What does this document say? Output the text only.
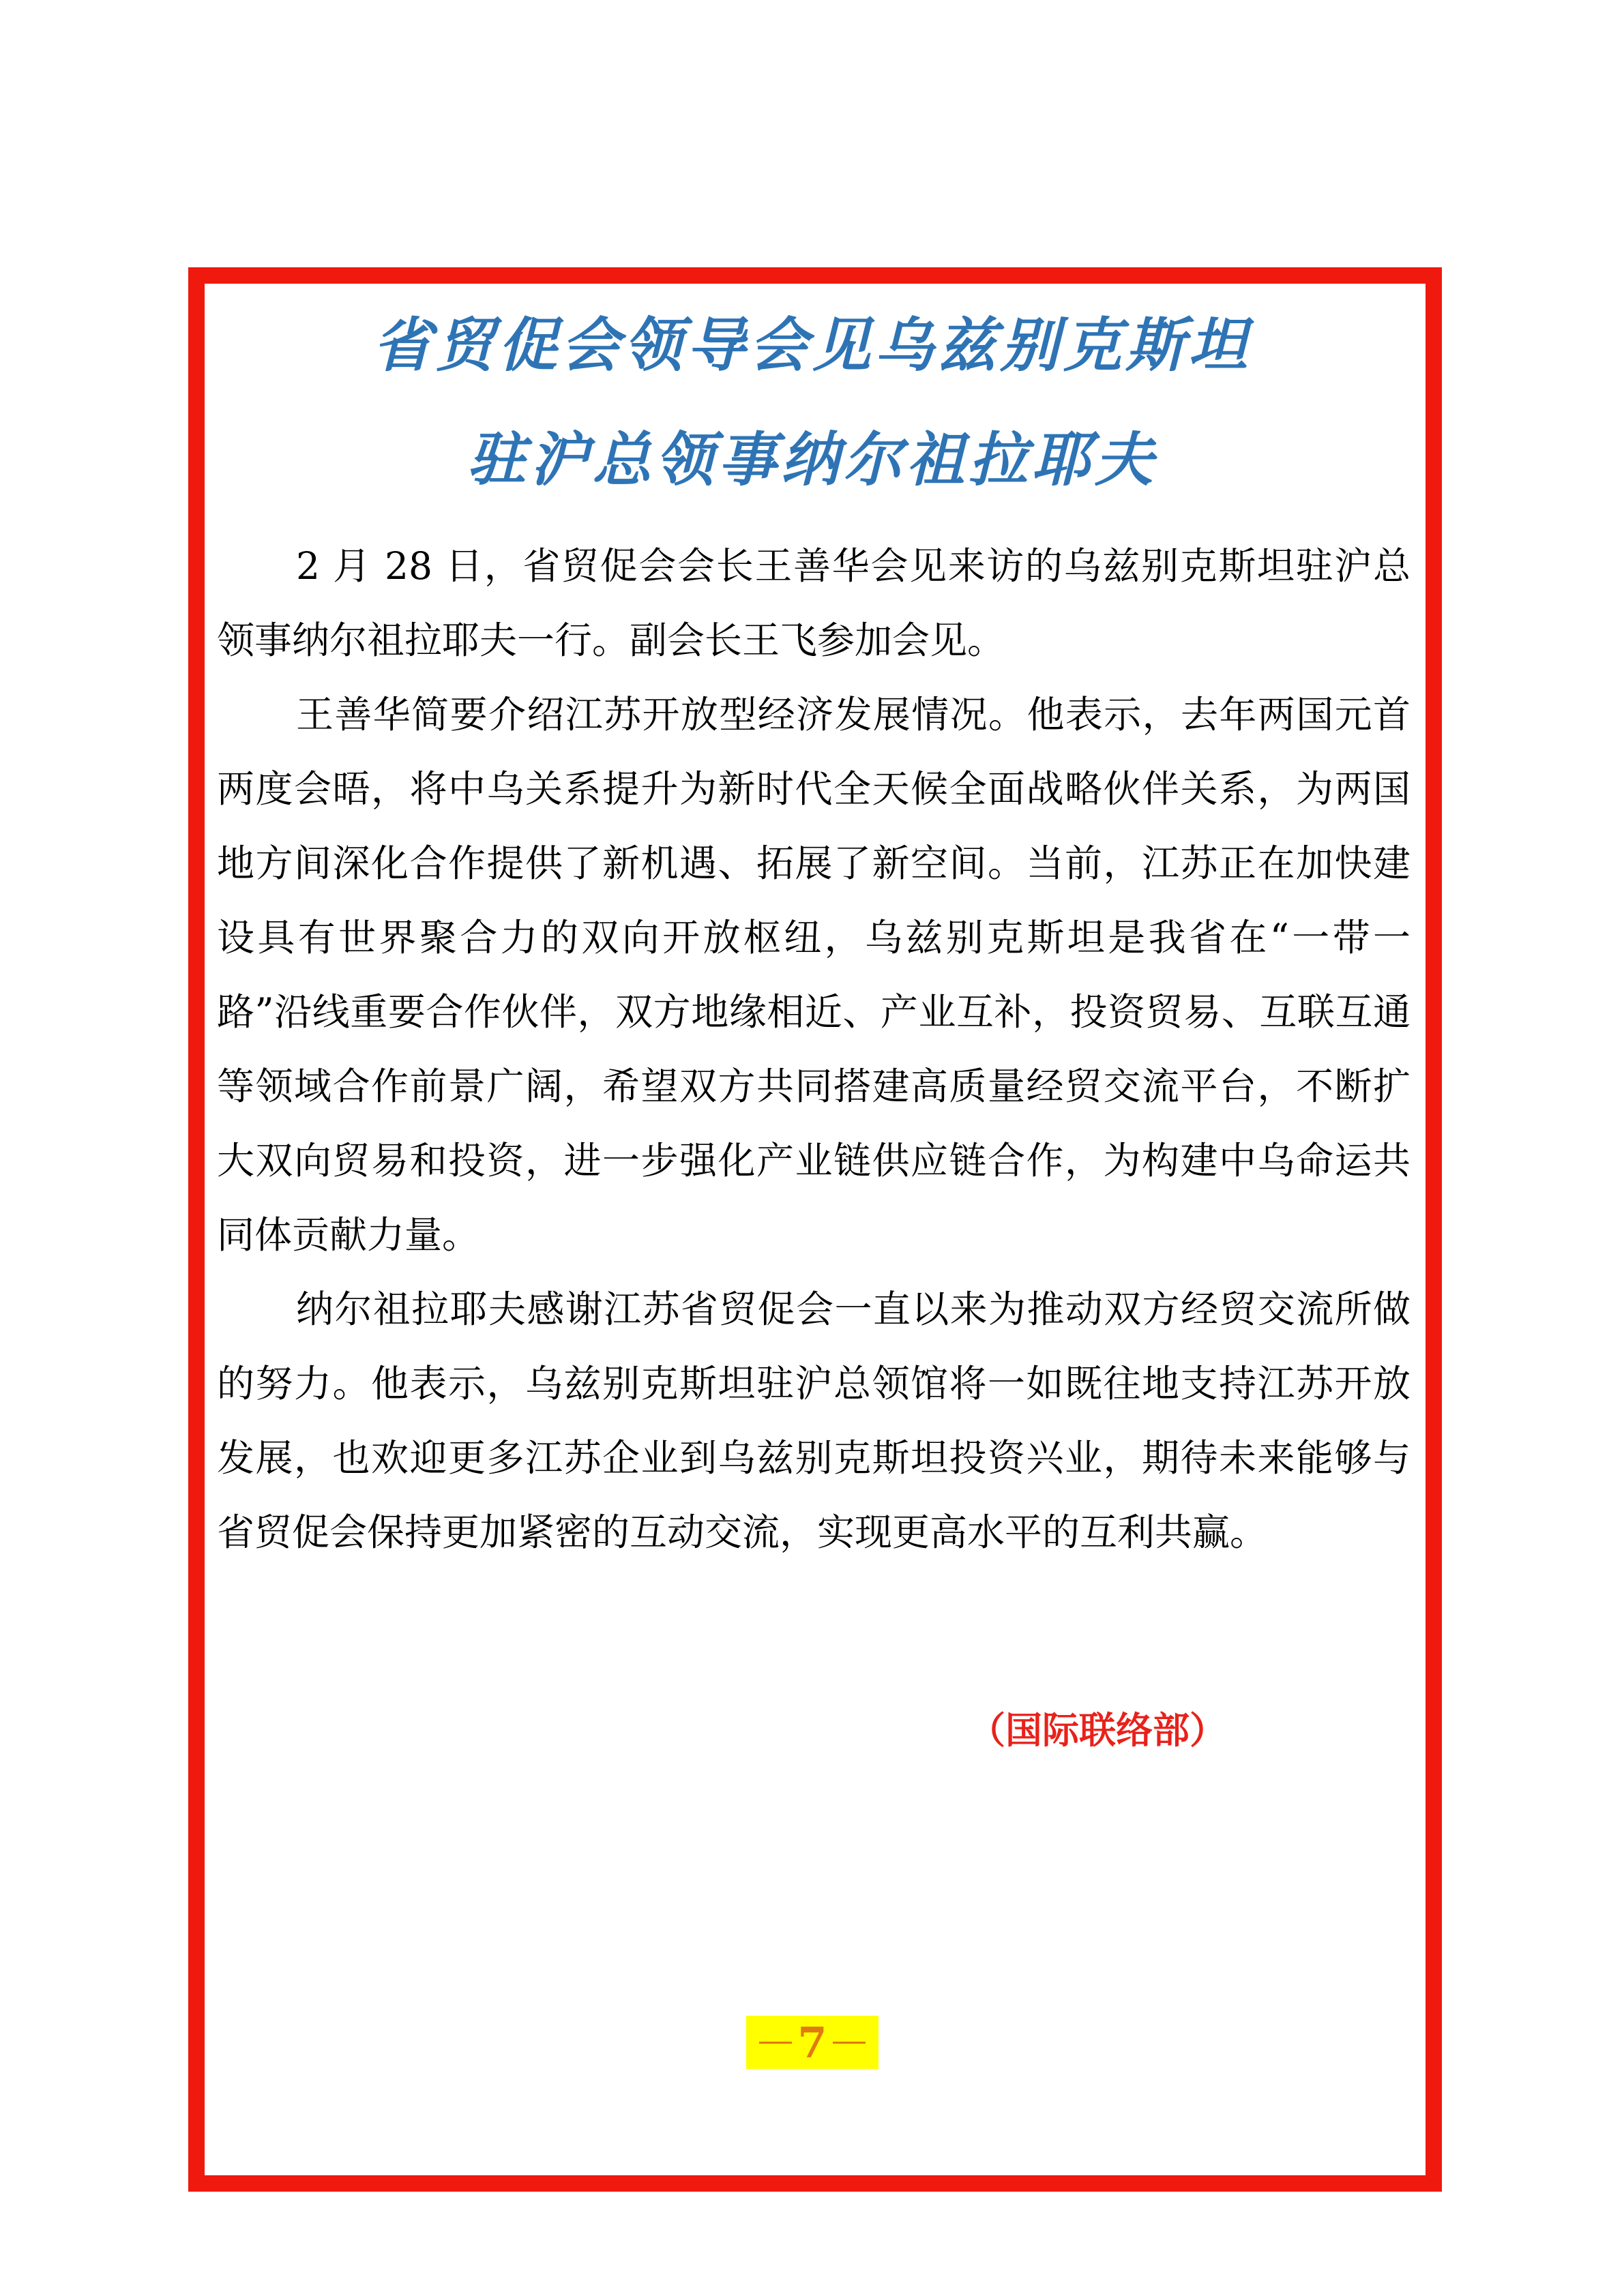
省贸促会领导会见乌兹别克斯坦
驻沪总领事纳尔祖拉耶夫

2 月 28 日，省贸促会会长王善华会见来访的乌兹别克斯坦驻沪总领事纳尔祖拉耶夫一行。副会长王飞参加会见。

王善华简要介绍江苏开放型经济发展情况。他表示，去年两国元首两度会晤，将中乌关系提升为新时代全天候全面战略伙伴关系，为两国地方间深化合作提供了新机遇、拓展了新空间。当前，江苏正在加快建设具有世界聚合力的双向开放枢纽，乌兹别克斯坦是我省在“一带一路”沿线重要合作伙伴，双方地缘相近、产业互补，投资贸易、互联互通等领域合作前景广阔，希望双方共同搭建高质量经贸交流平台，不断扩大双向贸易和投资，进一步强化产业链供应链合作，为构建中乌命运共同体贡献力量。

纳尔祖拉耶夫感谢江苏省贸促会一直以来为推动双方经贸交流所做的努力。他表示，乌兹别克斯坦驻沪总领馆将一如既往地支持江苏开放发展，也欢迎更多江苏企业到乌兹别克斯坦投资兴业，期待未来能够与省贸促会保持更加紧密的互动交流，实现更高水平的互利共赢。

（国际联络部）
7
